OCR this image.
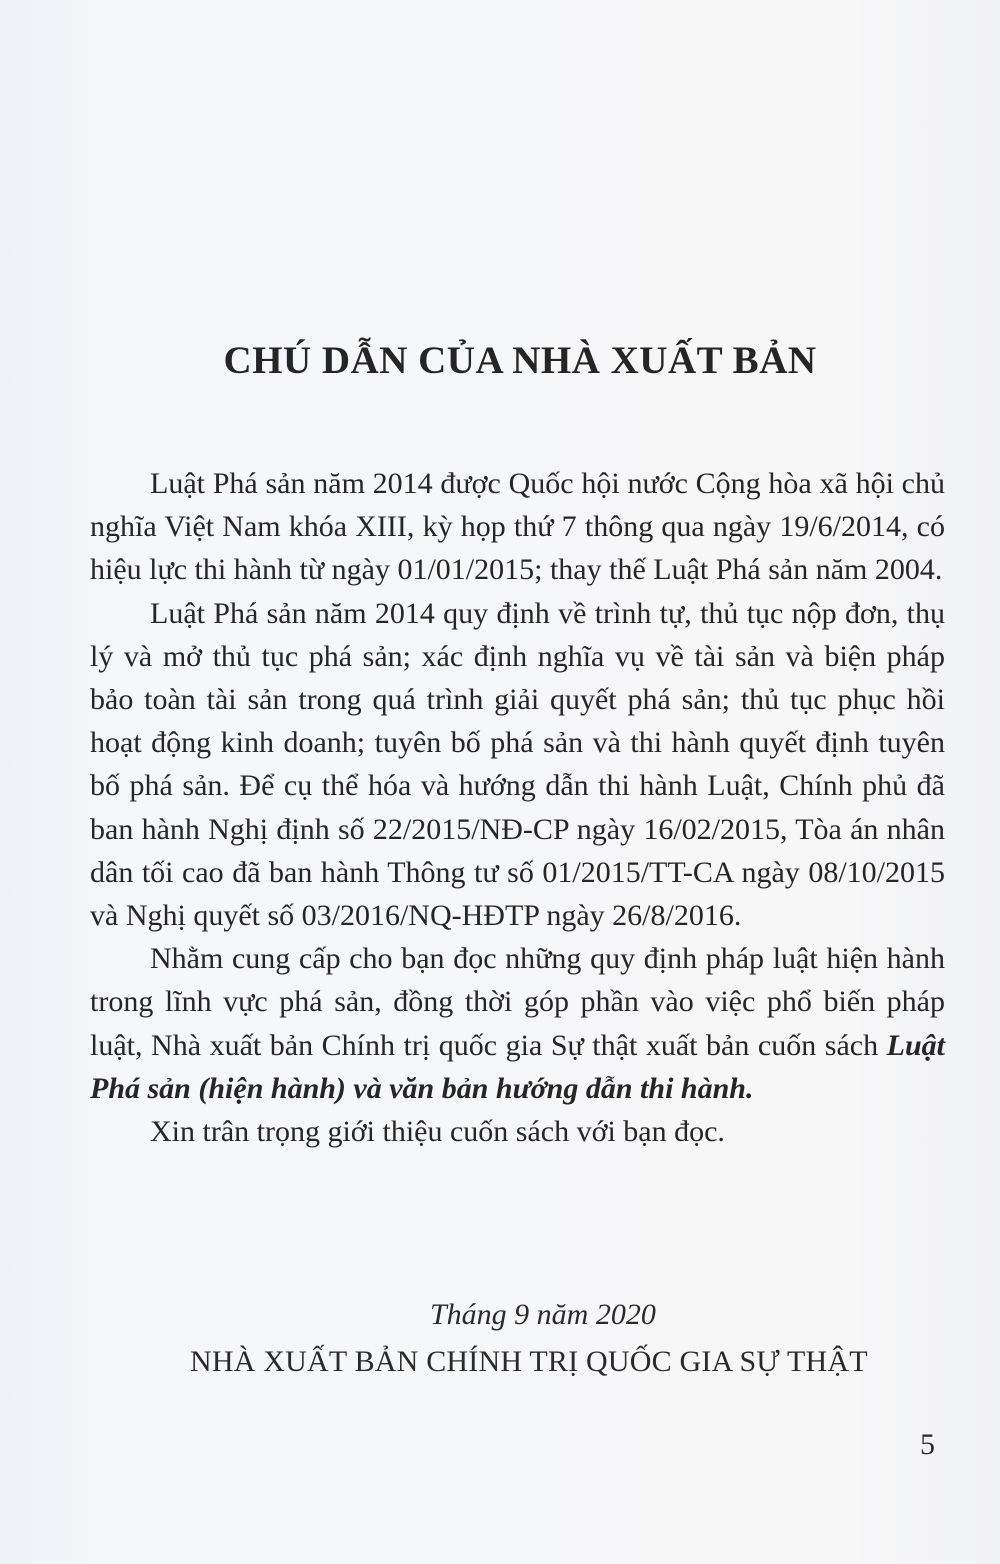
CHÚ DẪN CỦA NHÀ XUẤT BẢN

Luật Phá sản năm 2014 được Quốc hội nước Cộng hòa xã hội chủ nghĩa Việt Nam khóa XIII, kỳ họp thứ 7 thông qua ngày 19/6/2014, có hiệu lực thi hành từ ngày 01/01/2015; thay thế Luật Phá sản năm 2004.

Luật Phá sản năm 2014 quy định về trình tự, thủ tục nộp đơn, thụ lý và mở thủ tục phá sản; xác định nghĩa vụ về tài sản và biện pháp bảo toàn tài sản trong quá trình giải quyết phá sản; thủ tục phục hồi hoạt động kinh doanh; tuyên bố phá sản và thi hành quyết định tuyên bố phá sản. Để cụ thể hóa và hướng dẫn thi hành Luật, Chính phủ đã ban hành Nghị định số 22/2015/NĐ-CP ngày 16/02/2015, Tòa án nhân dân tối cao đã ban hành Thông tư số 01/2015/TT-CA ngày 08/10/2015 và Nghị quyết số 03/2016/NQ-HĐTP ngày 26/8/2016.

Nhằm cung cấp cho bạn đọc những quy định pháp luật hiện hành trong lĩnh vực phá sản, đồng thời góp phần vào việc phổ biến pháp luật, Nhà xuất bản Chính trị quốc gia Sự thật xuất bản cuốn sách Luật Phá sản (hiện hành) và văn bản hướng dẫn thi hành.

Xin trân trọng giới thiệu cuốn sách với bạn đọc.

Tháng 9 năm 2020
NHÀ XUẤT BẢN CHÍNH TRỊ QUỐC GIA SỰ THẬT
5
